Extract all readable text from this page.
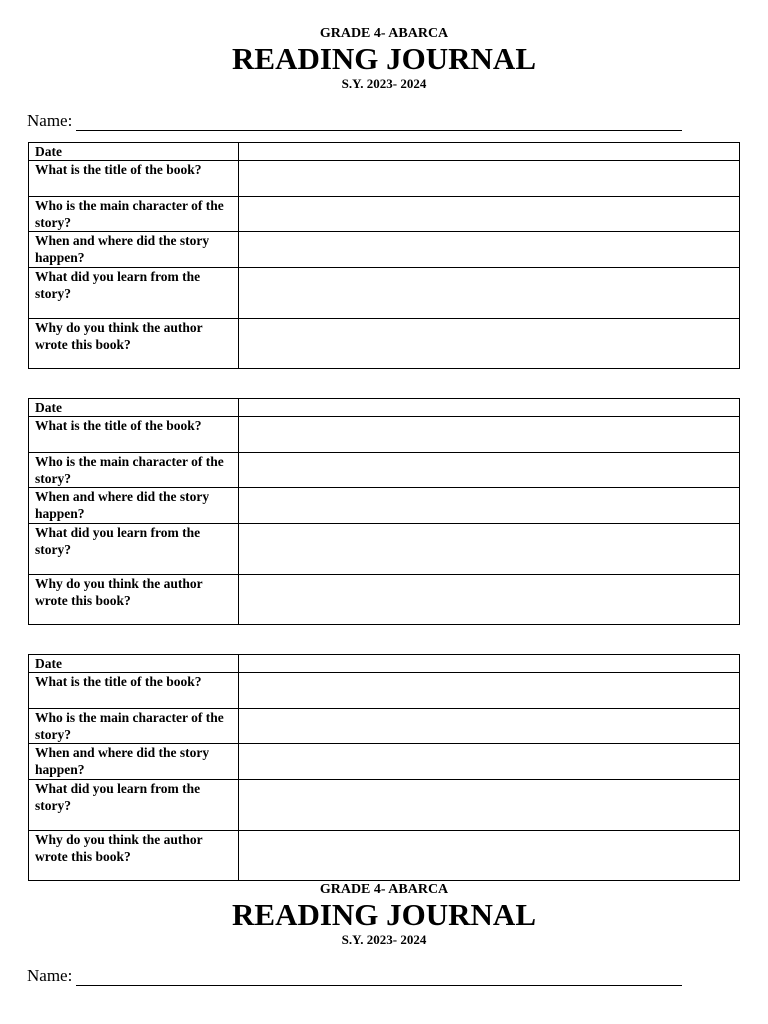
GRADE 4- ABARCA
READING JOURNAL
S.Y. 2023- 2024
Name:
Date	
What is the title of the book?	
Who is the main character of the story?	
When and where did the story happen?	
What did you learn from the story?	
Why do you think the author wrote this book?	
Date	
What is the title of the book?	
Who is the main character of the story?	
When and where did the story happen?	
What did you learn from the story?	
Why do you think the author wrote this book?	
Date	
What is the title of the book?	
Who is the main character of the story?	
When and where did the story happen?	
What did you learn from the story?	
Why do you think the author wrote this book?	
GRADE 4- ABARCA
READING JOURNAL
S.Y. 2023- 2024
Name:
